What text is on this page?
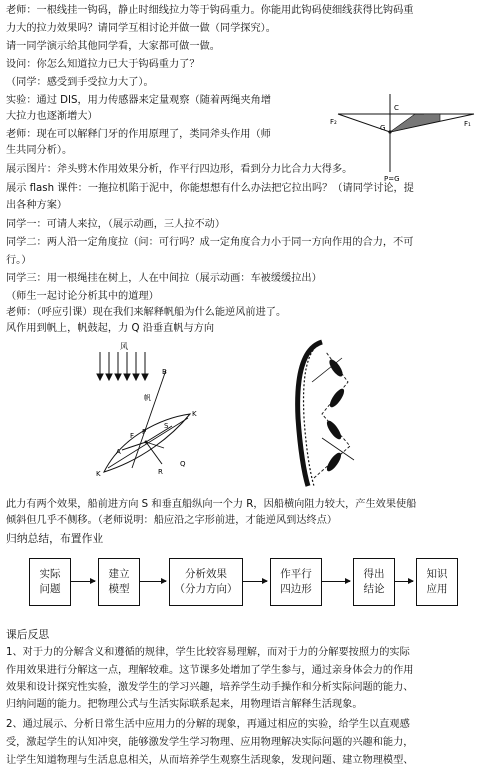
老师：一根线挂一钩码，静止时细线拉力等于钩码重力。你能用此钩码使细线获得比钩码重
力大的拉力效果吗？请同学互相讨论并做一做（同学探究）。
请一同学演示给其他同学看，大家都可做一做。
设问：你怎么知道拉力已大于钩码重力了？
（同学：感受到手受拉力大了）。
实验：通过 DIS，用力传感器来定量观察（随着两绳夹角增
大拉力也逐渐增大）
老师：现在可以解释门牙的作用原理了，类同斧头作用（师
生共同分析）。
展示图片：斧头劈木作用效果分析，作平行四边形，看到分力比合力大得多。
展示 flash 课件：一拖拉机陷于泥中，你能想想有什么办法把它拉出吗？（请同学讨论，提
出各种方案）
同学一：可请人来拉，（展示动画，三人拉不动）
同学二：两人沿一定角度拉（问：可行吗？成一定角度合力小于同一方向作用的合力，不可
行。）
同学三：用一根绳挂在树上，人在中间拉（展示动画：车被缓缓拉出）
（师生一起讨论分析其中的道理）
老师：（呼应引课）现在我们来解释帆船为什么能逆风前进了。
风作用到帆上，帆鼓起，力 Q 沿垂直帆与方向
F₂	F₁
C
G
P=G
风
B
帆
K
F P
S
A
R
Q
K
此力有两个效果，船前进方向 S 和垂直船纵向一个力 R，因船横向阻力较大，产生效果使船
倾斜但几乎不侧移。（老师说明：船应沿之字形前进，才能逆风到达终点）
归纳总结，布置作业
实际
问题
建立
模型
分析效果
（分力方向）
作平行
四边形
得出
结论
知识
应用
课后反思
1、对于力的分解含义和遵循的规律，学生比较容易理解，而对于力的分解要按照力的实际
作用效果进行分解这一点，理解较难。这节课多处增加了学生参与，通过亲身体会力的作用
效果和设计探究性实验，激发学生的学习兴趣，培养学生动手操作和分析实际问题的能力、
归纳问题的能力。把物理公式与生活实际联系起来，用物理语言解释生活现象。
2、通过展示、分析日常生活中应用力的分解的现象，再通过相应的实验，给学生以直观感
受，激起学生的认知冲突，能够激发学生学习物理、应用物理解决实际问题的兴趣和能力，
让学生知道物理与生活息息相关，从而培养学生观察生活现象，发现问题、建立物理模型、
